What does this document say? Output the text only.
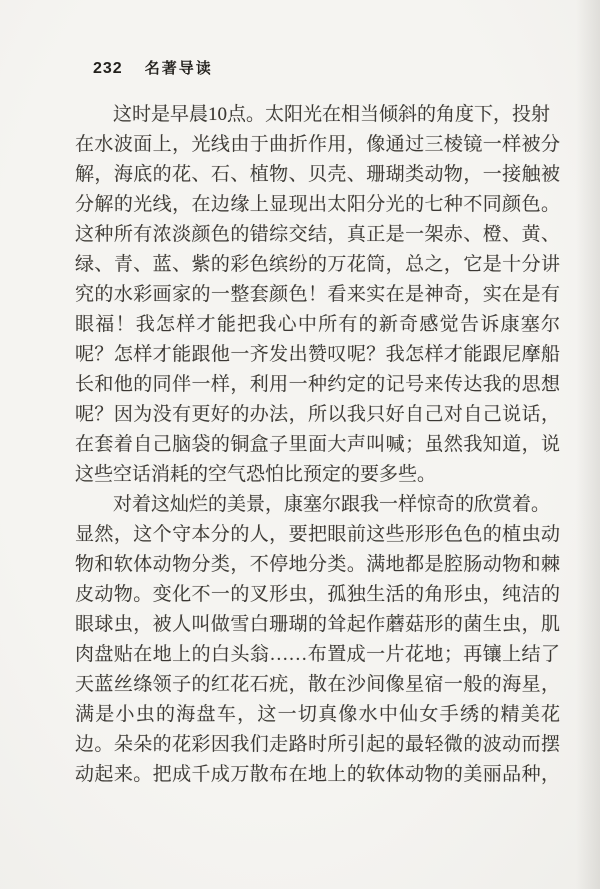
232 名著导读
这时是早晨10点。太阳光在相当倾斜的角度下，投射
在水波面上，光线由于曲折作用，像通过三棱镜一样被分
解，海底的花、石、植物、贝壳、珊瑚类动物，一接触被
分解的光线，在边缘上显现出太阳分光的七种不同颜色。
这种所有浓淡颜色的错综交结，真正是一架赤、橙、黄、
绿、青、蓝、紫的彩色缤纷的万花筒，总之，它是十分讲
究的水彩画家的一整套颜色！看来实在是神奇，实在是有
眼福！我怎样才能把我心中所有的新奇感觉告诉康塞尔
呢？怎样才能跟他一齐发出赞叹呢？我怎样才能跟尼摩船
长和他的同伴一样，利用一种约定的记号来传达我的思想
呢？因为没有更好的办法，所以我只好自己对自己说话，
在套着自己脑袋的铜盒子里面大声叫喊；虽然我知道，说
这些空话消耗的空气恐怕比预定的要多些。
对着这灿烂的美景，康塞尔跟我一样惊奇的欣赏着。
显然，这个守本分的人，要把眼前这些形形色色的植虫动
物和软体动物分类，不停地分类。满地都是腔肠动物和棘
皮动物。变化不一的叉形虫，孤独生活的角形虫，纯洁的
眼球虫，被人叫做雪白珊瑚的耸起作蘑菇形的菌生虫，肌
肉盘贴在地上的白头翁……布置成一片花地；再镶上结了
天蓝丝绦领子的红花石疣，散在沙间像星宿一般的海星，
满是小虫的海盘车，这一切真像水中仙女手绣的精美花
边。朵朵的花彩因我们走路时所引起的最轻微的波动而摆
动起来。把成千成万散布在地上的软体动物的美丽品种，
